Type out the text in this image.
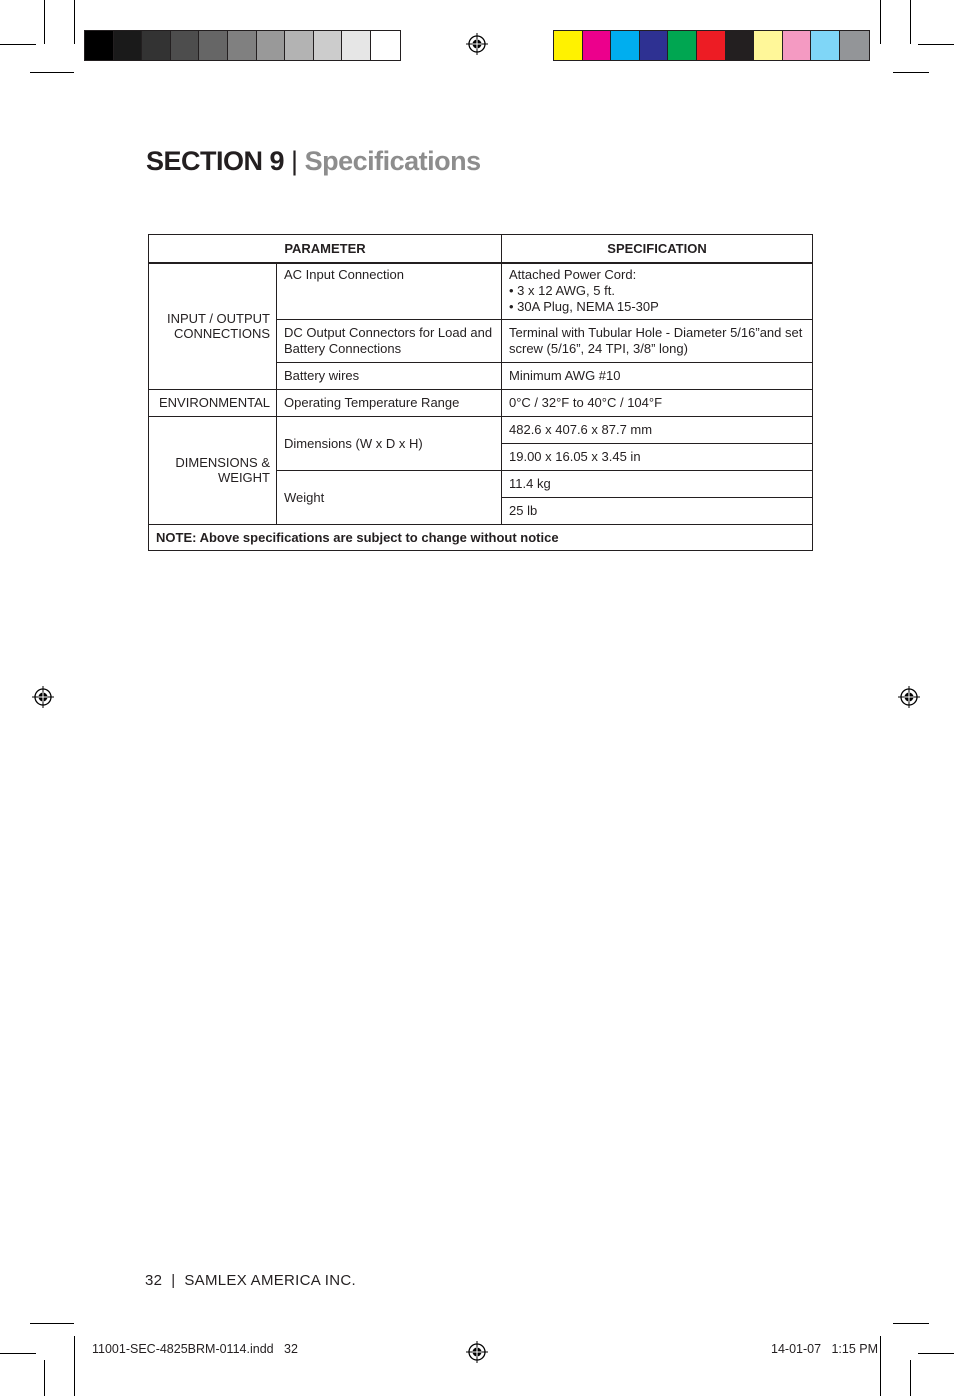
SECTION 9 | Specifications
PARAMETER		SPECIFICATION
INPUT / OUTPUT CONNECTIONS	AC Input Connection	Attached Power Cord:
• 3 x 12 AWG, 5 ft.
• 30A Plug, NEMA 15-30P

	DC Output Connectors for Load and Battery Connections	Terminal with Tubular Hole - Diameter 5/16”and set screw (5/16”, 24 TPI, 3/8” long)
	Battery wires	Minimum AWG #10
ENVIRONMENTAL	Operating Temperature Range	0°C / 32°F to 40°C / 104°F
DIMENSIONS & WEIGHT	Dimensions (W x D x H)	482.6 x 407.6 x 87.7 mm
		19.00 x 16.05 x 3.45 in
	Weight	11.4 kg
		25 lb
NOTE: Above specifications are subject to change without notice		
32  |  SAMLEX AMERICA INC.
11001-SEC-4825BRM-0114.indd   32	14-01-07   1:15 PM
